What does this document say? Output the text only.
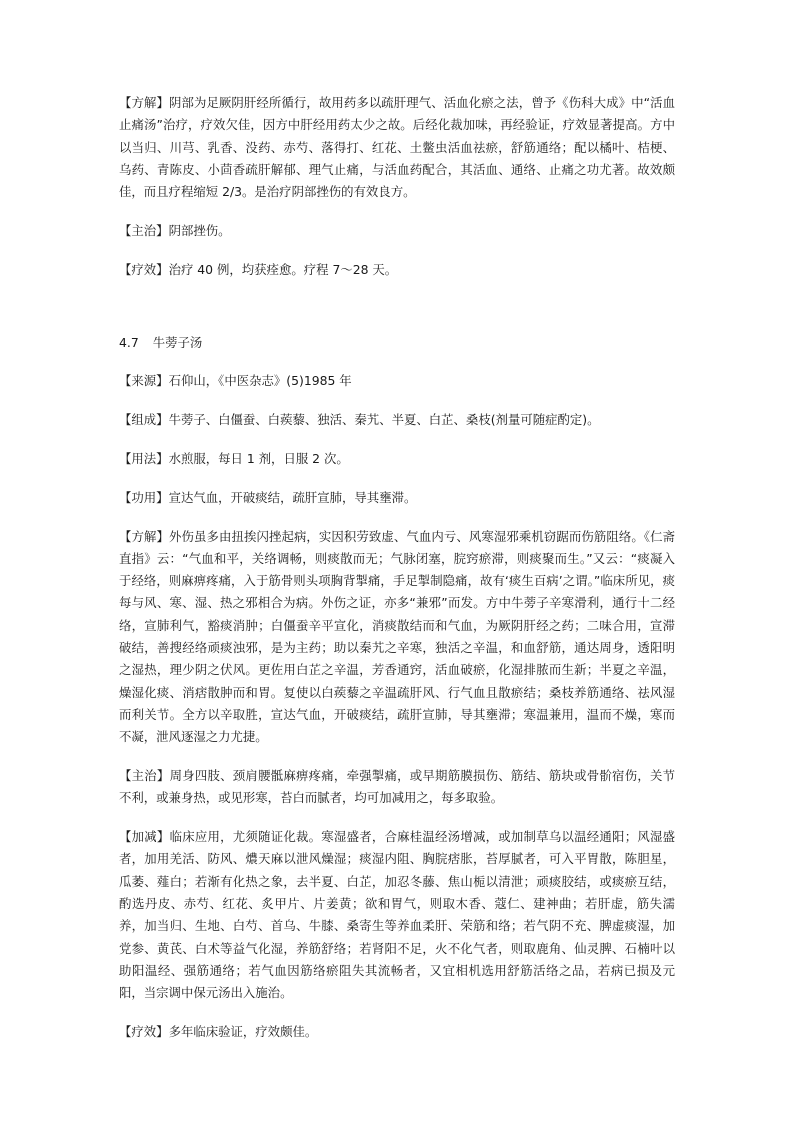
【方解】阴部为足厥阴肝经所循行，故用药多以疏肝理气、活血化瘀之法，曾予《伤科大成》中“活血止痛汤”治疗，疗效欠佳，因方中肝经用药太少之故。后经化裁加味，再经验证，疗效显著提高。方中以当归、川芎、乳香、没药、赤芍、落得打、红花、土鳖虫活血祛瘀，舒筋通络；配以橘叶、桔梗、乌药、青陈皮、小茴香疏肝解郁、理气止痛，与活血药配合，其活血、通络、止痛之功尤著。故效颇佳，而且疗程缩短 2/3。是治疗阴部挫伤的有效良方。

【主治】阴部挫伤。

【疗效】治疗 40 例，均获痊愈。疗程 7～28 天。

4.7 牛蒡子汤

【来源】石仰山，《中医杂志》(5)1985 年

【组成】牛蒡子、白僵蚕、白蒺藜、独活、秦艽、半夏、白芷、桑枝(剂量可随症酌定)。

【用法】水煎服，每日 1 剂，日服 2 次。

【功用】宣达气血，开破痰结，疏肝宣肺，导其壅滞。

【方解】外伤虽多由扭挨闪挫起病，实因积劳致虚、气血内亏、风寒湿邪乘机窃踞而伤筋阻络。《仁斋直指》云：“气血和平，关络调畅，则痰散而无；气脉闭塞，脘窍瘀滞，则痰聚而生。”又云：“痰凝入于经络，则麻痹疼痛，入于筋骨则头项胸背掣痛，手足掣制隐痛，故有‘痰生百病’之谓。”临床所见，痰每与风、寒、湿、热之邪相合为病。外伤之证，亦多“兼邪”而发。方中牛蒡子辛寒滑利，通行十二经络，宣肺利气，豁痰消肿；白僵蚕辛平宣化，消痰散结而和气血，为厥阴肝经之药；二味合用，宣滞破结，善搜经络顽痰浊邪，是为主药；助以秦艽之辛寒，独活之辛温，和血舒筋，通达周身，透阳明之湿热，理少阴之伏风。更佐用白芷之辛温，芳香通窍，活血破瘀，化湿排脓而生新；半夏之辛温，燥湿化痰、消痞散肿而和胃。复使以白蒺藜之辛温疏肝风、行气血且散瘀结；桑枝养筋通络、祛风湿而利关节。全方以辛取胜，宣达气血，开破痰结，疏肝宣肺，导其壅滞；寒温兼用，温而不燥，寒而不凝，泄风逐湿之力尤捷。

【主治】周身四肢、颈肩腰骶麻痹疼痛，牵强掣痛，或早期筋膜损伤、筋结、筋块或骨骱宿伤，关节不利，或兼身热，或见形寒，苔白而腻者，均可加减用之，每多取验。

【加减】临床应用，尤须随证化裁。寒湿盛者，合麻桂温经汤增减，或加制草乌以温经通阳；风湿盛者，加用羌活、防风、燶天麻以泄风燥湿；痰湿内阻、胸脘痞胀，苔厚腻者，可入平胃散，陈胆星，瓜萎、薤白；若渐有化热之象，去半夏、白芷，加忍冬藤、焦山栀以清泄；顽痰胶结，或痰瘀互结，酌选丹皮、赤芍、红花、炙甲片、片姜黄；欲和胃气，则取木香、蔻仁、建神曲；若肝虚，筋失濡养，加当归、生地、白芍、首乌、牛膝、桑寄生等养血柔肝、荣筋和络；若气阴不充、脾虚痰湿，加党参、黄芪、白术等益气化湿，养筋舒络；若肾阳不足，火不化气者，则取鹿角、仙灵脾、石楠叶以助阳温经、强筋通络；若气血因筋络瘀阻失其流畅者，又宜相机选用舒筋活络之品，若病已损及元阳，当宗调中保元汤出入施治。

【疗效】多年临床验证，疗效颇佳。
